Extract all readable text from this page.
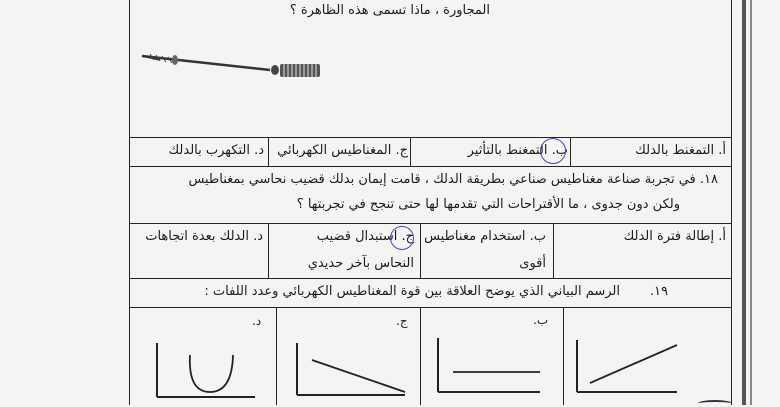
المجاورة ، ماذا تسمى هذه الظاهرة ؟
أ. التمغنط بالدلك
ب. التمغنط بالتأثير
ج. المغناطيس الكهربائي
د. التكهرب بالدلك
١٨. في تجربة صناعة مغناطيس صناعي بطريقة الدلك ، قامت إيمان بدلك قضيب نحاسي بمغناطيس
ولكن دون جدوى ، ما الأقتراحات التي تقدمها لها حتى تنجح في تجربتها ؟
أ. إطالة فترة الدلك
ب. استخدام مغناطيس
أقوى
ج. استبدال قضيب
النحاس بآخر حديدي
د. الدلك بعدة اتجاهات
١٩.
الرسم البياني الذي يوضح العلاقة بين قوة المغناطيس الكهربائي وعدد اللفات :
ب.
ج.
د.
